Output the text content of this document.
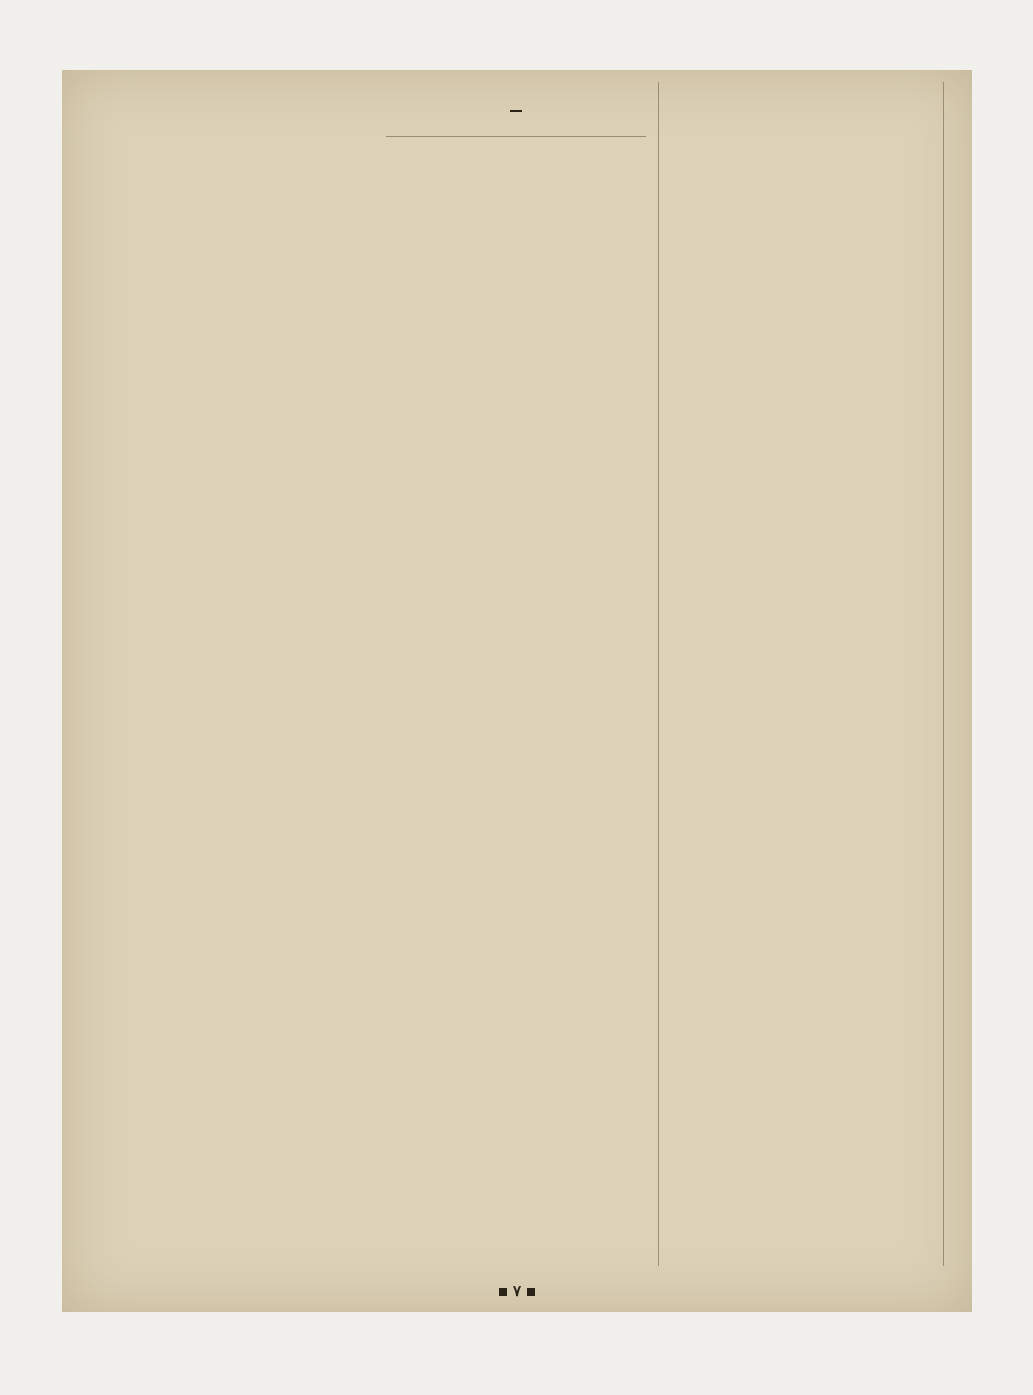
٧
